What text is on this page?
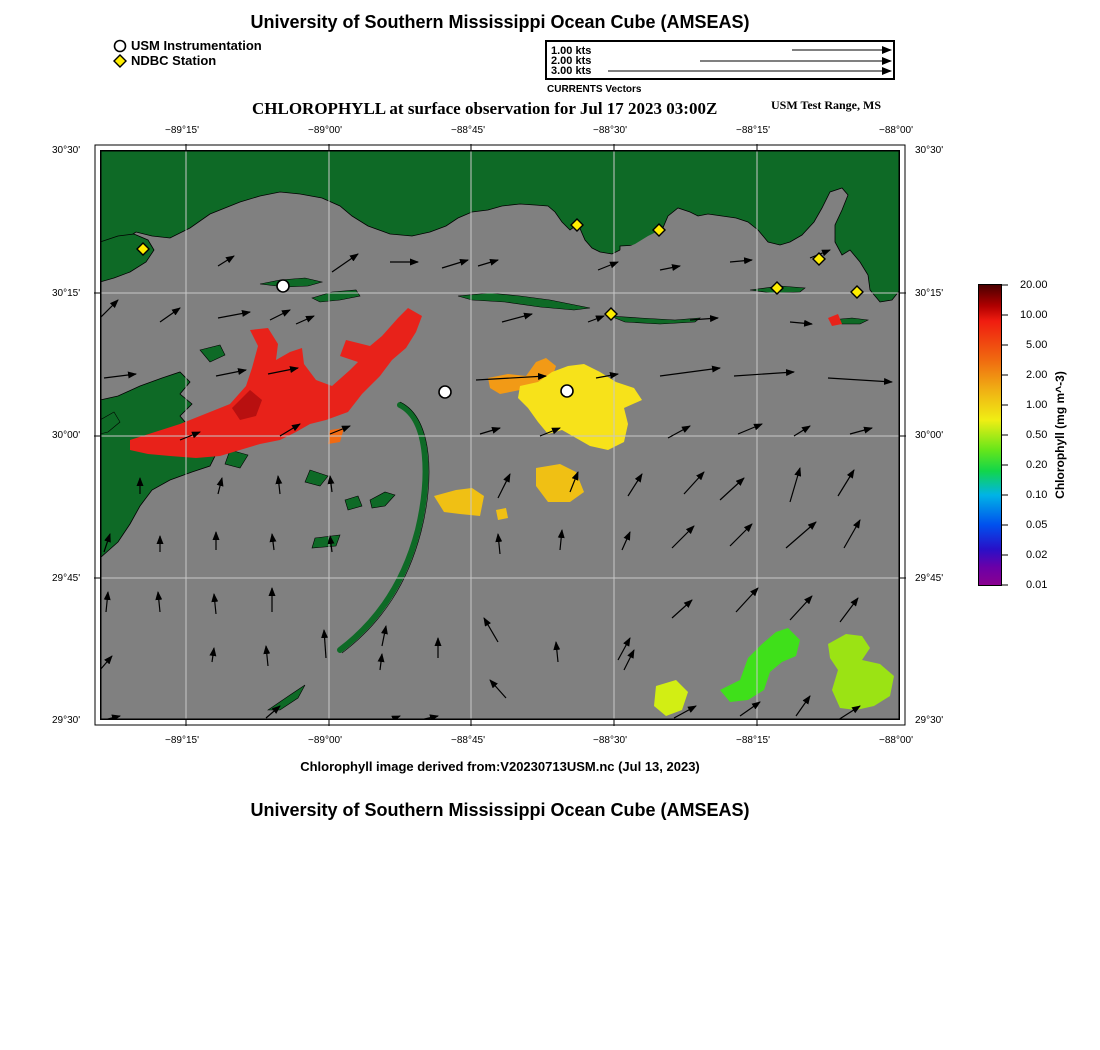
University of Southern Mississippi Ocean Cube (AMSEAS)
USM Instrumentation
NDBC Station
1.00 kts
2.00 kts
3.00 kts
CURRENTS Vectors
CHLOROPHYLL at surface observation for Jul 17 2023 03:00Z	USM Test Range, MS
−89°15'	−89°00'	−88°45'	−88°30'	−88°15'	−88°00'
−89°15'	−89°00'	−88°45'	−88°30'	−88°15'	−88°00'
30°30'
30°15'
30°00'
29°45'
29°30'
30°30'
30°15'
30°00'
29°45'
29°30'
Chlorophyll image derived from:V20230713USM.nc (Jul 13, 2023)
University of Southern Mississippi Ocean Cube (AMSEAS)
20.00
10.00
5.00
2.00
1.00
0.50
0.20
0.10
0.05
0.02
0.01
Chlorophyll (mg m^-3)
